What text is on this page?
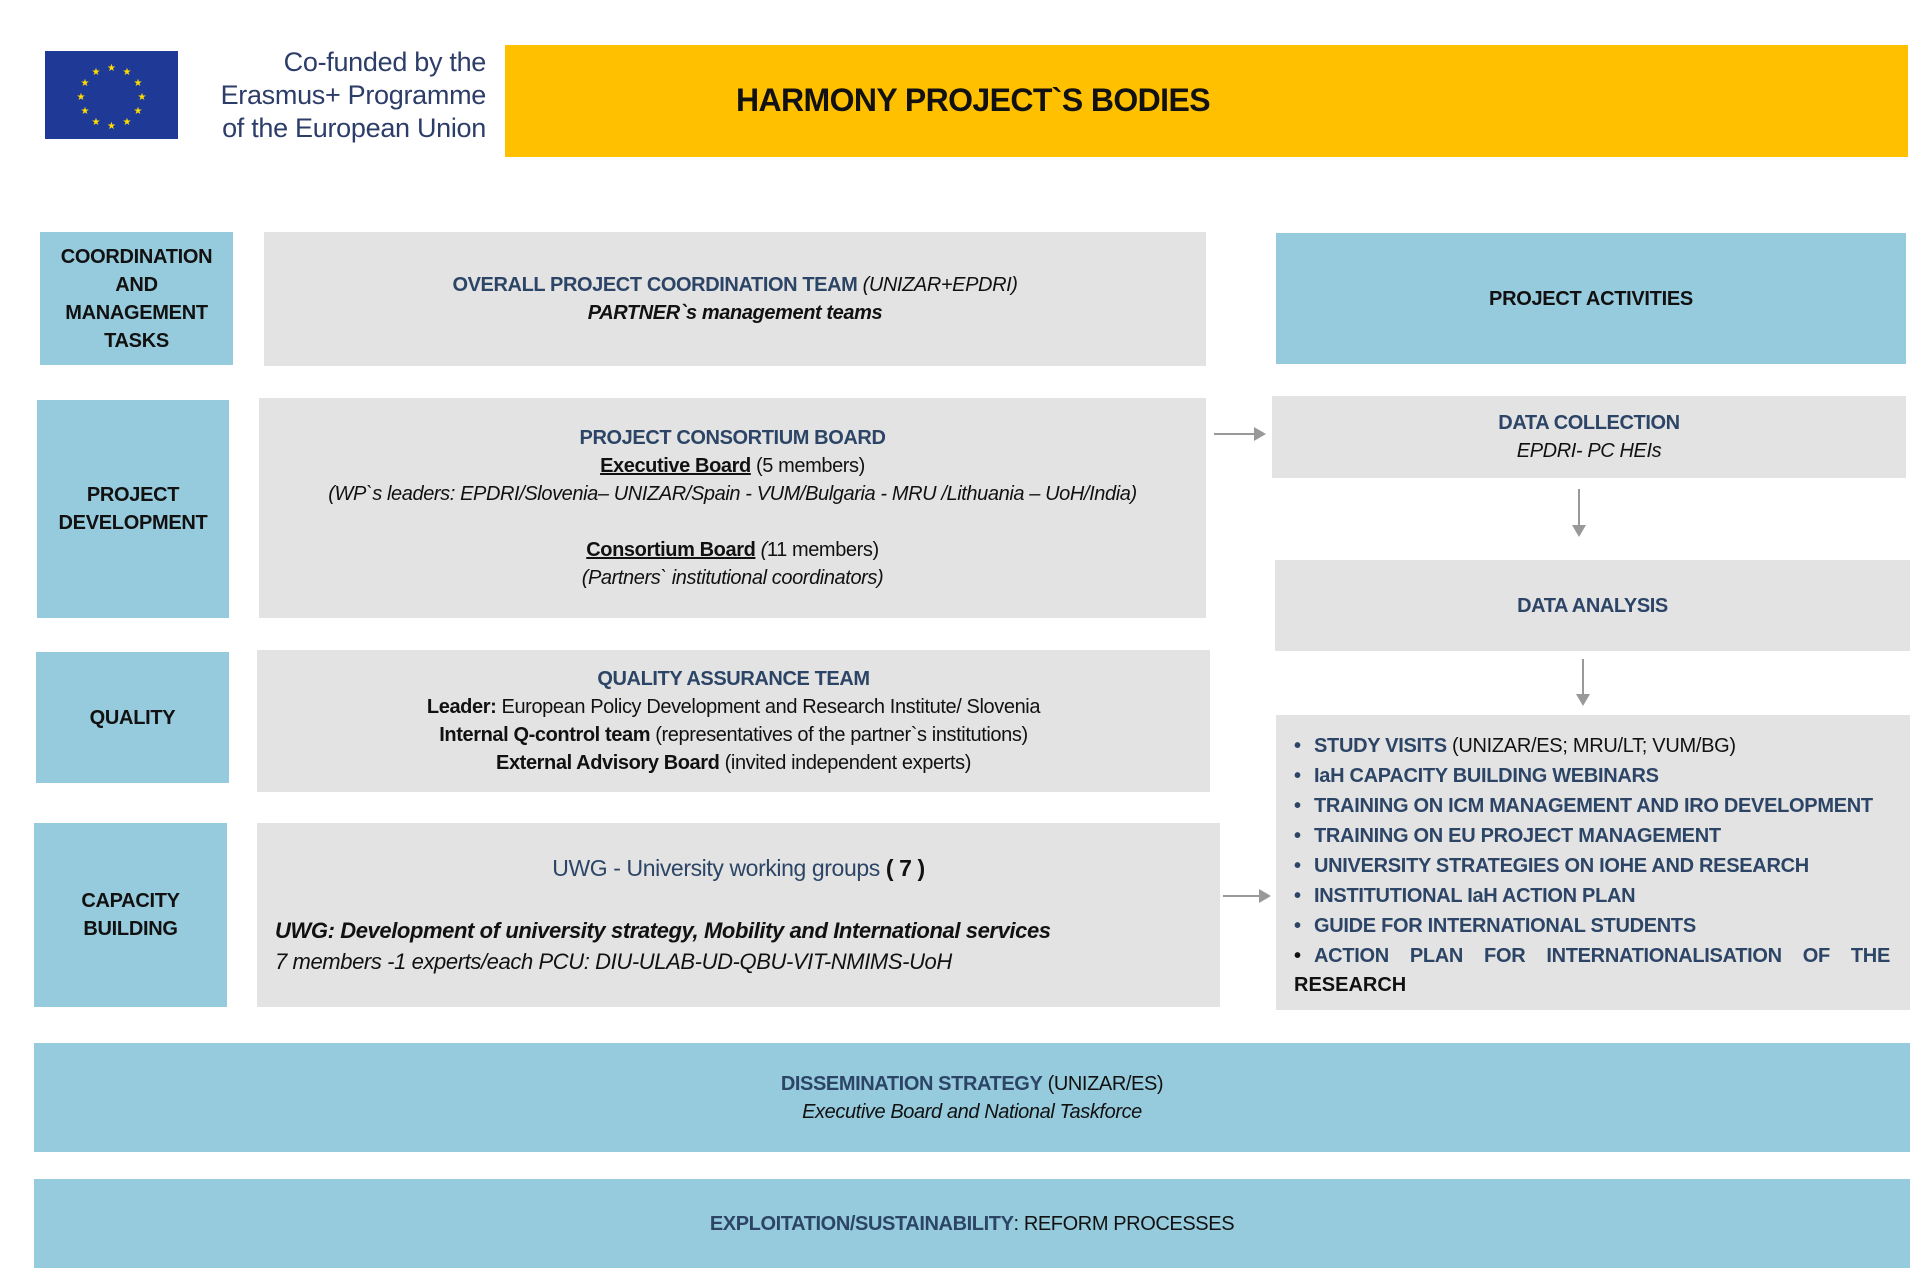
★ ★
★
★
★
★
★
★
★
★
★
★	Co-funded by the
Erasmus+ Programme
of the European Union
HARMONY PROJECT`S BODIES
COORDINATION
AND
MANAGEMENT
TASKS
OVERALL PROJECT COORDINATION TEAM (UNIZAR+EPDRI)
PARTNER`s management teams
PROJECT ACTIVITIES
PROJECT
DEVELOPMENT
PROJECT CONSORTIUM BOARD
Executive Board (5 members)
(WP`s leaders: EPDRI/Slovenia– UNIZAR/Spain - VUM/Bulgaria - MRU /Lithuania – UoH/India)
Consortium Board (11 members)
(Partners` institutional coordinators)
DATA COLLECTION
EPDRI- PC HEIs
DATA ANALYSIS
QUALITY
QUALITY ASSURANCE TEAM
Leader: European Policy Development and Research Institute/ Slovenia
Internal Q-control team (representatives of the partner`s institutions)
External Advisory Board (invited independent experts)
CAPACITY
BUILDING
UWG - University working groups ( 7 )
UWG: Development of university strategy, Mobility and International services
7 members -1 experts/each PCU: DIU-ULAB-UD-QBU-VIT-NMIMS-UoH
• STUDY VISITS (UNIZAR/ES; MRU/LT; VUM/BG)
• IaH CAPACITY BUILDING WEBINARS
• TRAINING ON ICM MANAGEMENT AND IRO DEVELOPMENT
• TRAINING ON EU PROJECT MANAGEMENT
• UNIVERSITY STRATEGIES ON IOHE AND RESEARCH
• INSTITUTIONAL IaH ACTION PLAN
• GUIDE FOR INTERNATIONAL STUDENTS
• ACTION PLAN FOR INTERNATIONALISATION OF THE
RESEARCH
DISSEMINATION STRATEGY (UNIZAR/ES)
Executive Board and National Taskforce
EXPLOITATION/SUSTAINABILITY: REFORM PROCESSES
